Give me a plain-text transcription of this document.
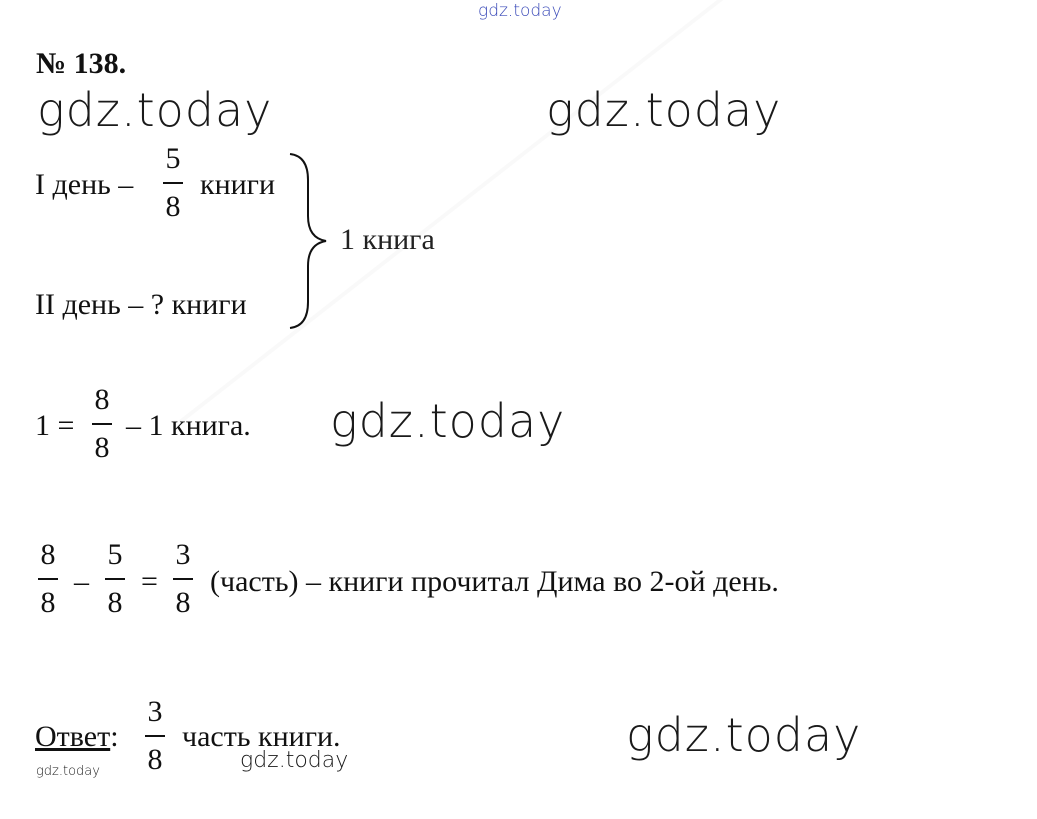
gdz.today
№ 138.
gdz.today	gdz.today
gdz.today
gdz.today
gdz.today
gdz.today
I день –
5
8
книги
II день – ? книги
1 книга
1 =
8
8
– 1 книга.
8
8
–
5
8
=
3
8
(часть) – книги прочитал Дима во 2-ой день.
Ответ:
3
8
часть книги.
